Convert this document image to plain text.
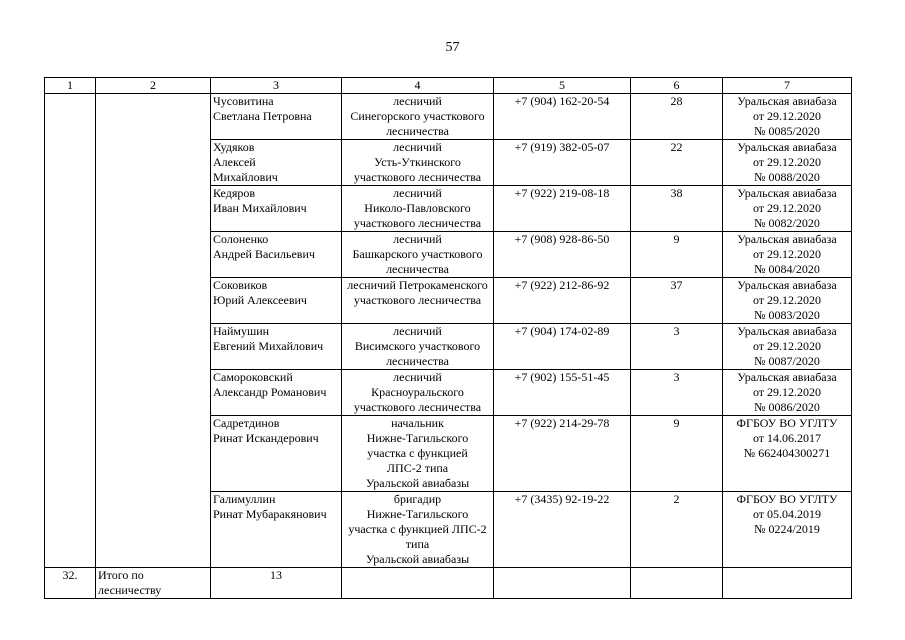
57
1	2	3	4	5	6	7

		Чусовитина
Светлана Петровна	лесничий
Синегорского участкового
лесничества	+7 (904) 162-20-54	28	Уральская авиабаза
от 29.12.2020
№ 0085/2020

		Худяков
Алексей
Михайлович	лесничий
Усть-Уткинского
участкового лесничества	+7 (919) 382-05-07	22	Уральская авиабаза
от 29.12.2020
№ 0088/2020

		Кедяров
Иван Михайлович	лесничий
Николо-Павловского
участкового лесничества	+7 (922) 219-08-18	38	Уральская авиабаза
от 29.12.2020
№ 0082/2020

		Солоненко
Андрей Васильевич	лесничий
Башкарского участкового
лесничества	+7 (908) 928-86-50	9	Уральская авиабаза
от 29.12.2020
№ 0084/2020

		Соковиков
Юрий Алексеевич	лесничий Петрокаменского
участкового лесничества	+7 (922) 212-86-92	37	Уральская авиабаза
от 29.12.2020
№ 0083/2020

		Наймушин
Евгений Михайлович	лесничий
Висимского участкового
лесничества	+7 (904) 174-02-89	3	Уральская авиабаза
от 29.12.2020
№ 0087/2020

		Самороковский
Александр Романович	лесничий
Красноуральского
участкового лесничества	+7 (902) 155-51-45	3	Уральская авиабаза
от 29.12.2020
№ 0086/2020

		Садретдинов
Ринат Искандерович	начальник
Нижне-Тагильского
участка с функцией
ЛПС-2 типа
Уральской авиабазы	+7 (922) 214-29-78	9	ФГБОУ ВО УГЛТУ
от 14.06.2017
№ 662404300271

		Галимуллин
Ринат Мубаракянович	бригадир
Нижне-Тагильского
участка с функцией ЛПС-2
типа
Уральской авиабазы	+7 (3435) 92-19-22	2	ФГБОУ ВО УГЛТУ
от 05.04.2019
№ 0224/2019

32.	Итого по
лесничеству	13				
